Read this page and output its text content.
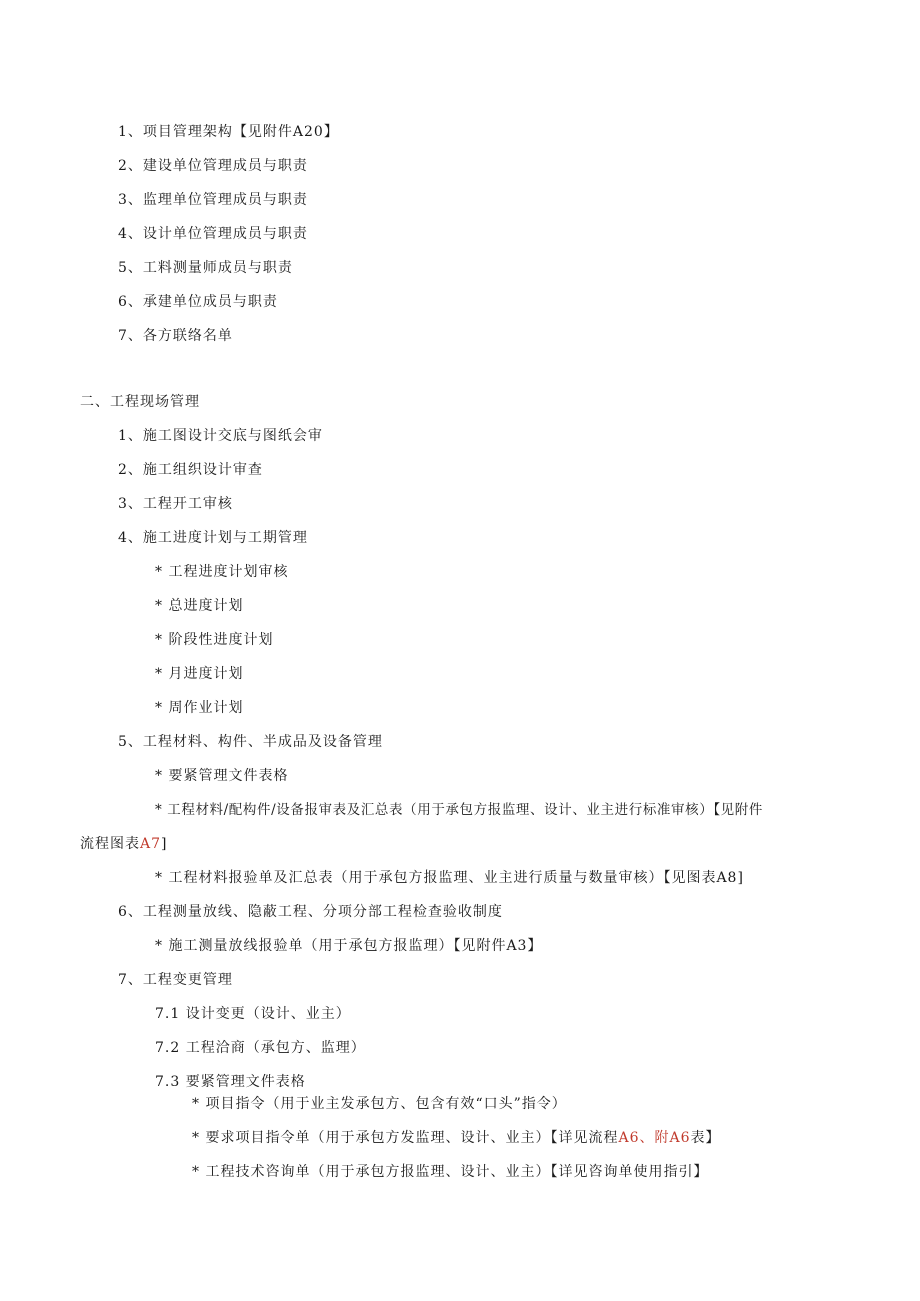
1、项目管理架构【见附件A20】
2、建设单位管理成员与职责
3、监理单位管理成员与职责
4、设计单位管理成员与职责
5、工料测量师成员与职责
6、承建单位成员与职责
7、各方联络名单
二、工程现场管理
1、施工图设计交底与图纸会审
2、施工组织设计审查
3、工程开工审核
4、施工进度计划与工期管理
* 工程进度计划审核
* 总进度计划
* 阶段性进度计划
* 月进度计划
* 周作业计划
5、工程材料、构件、半成品及设备管理
* 要紧管理文件表格
* 工程材料/配构件/设备报审表及汇总表（用于承包方报监理、设计、业主进行标准审核）【见附件
流程图表A7]
* 工程材料报验单及汇总表（用于承包方报监理、业主进行质量与数量审核）【见图表A8]
6、工程测量放线、隐蔽工程、分项分部工程检查验收制度
* 施工测量放线报验单（用于承包方报监理）【见附件A3】
7、工程变更管理
7.1 设计变更（设计、业主）
7.2 工程洽商（承包方、监理）
7.3 要紧管理文件表格
* 项目指令（用于业主发承包方、包含有效“口头”指令）
* 要求项目指令单（用于承包方发监理、设计、业主）【详见流程A6、附A6表】
* 工程技术咨询单（用于承包方报监理、设计、业主）【详见咨询单使用指引】
